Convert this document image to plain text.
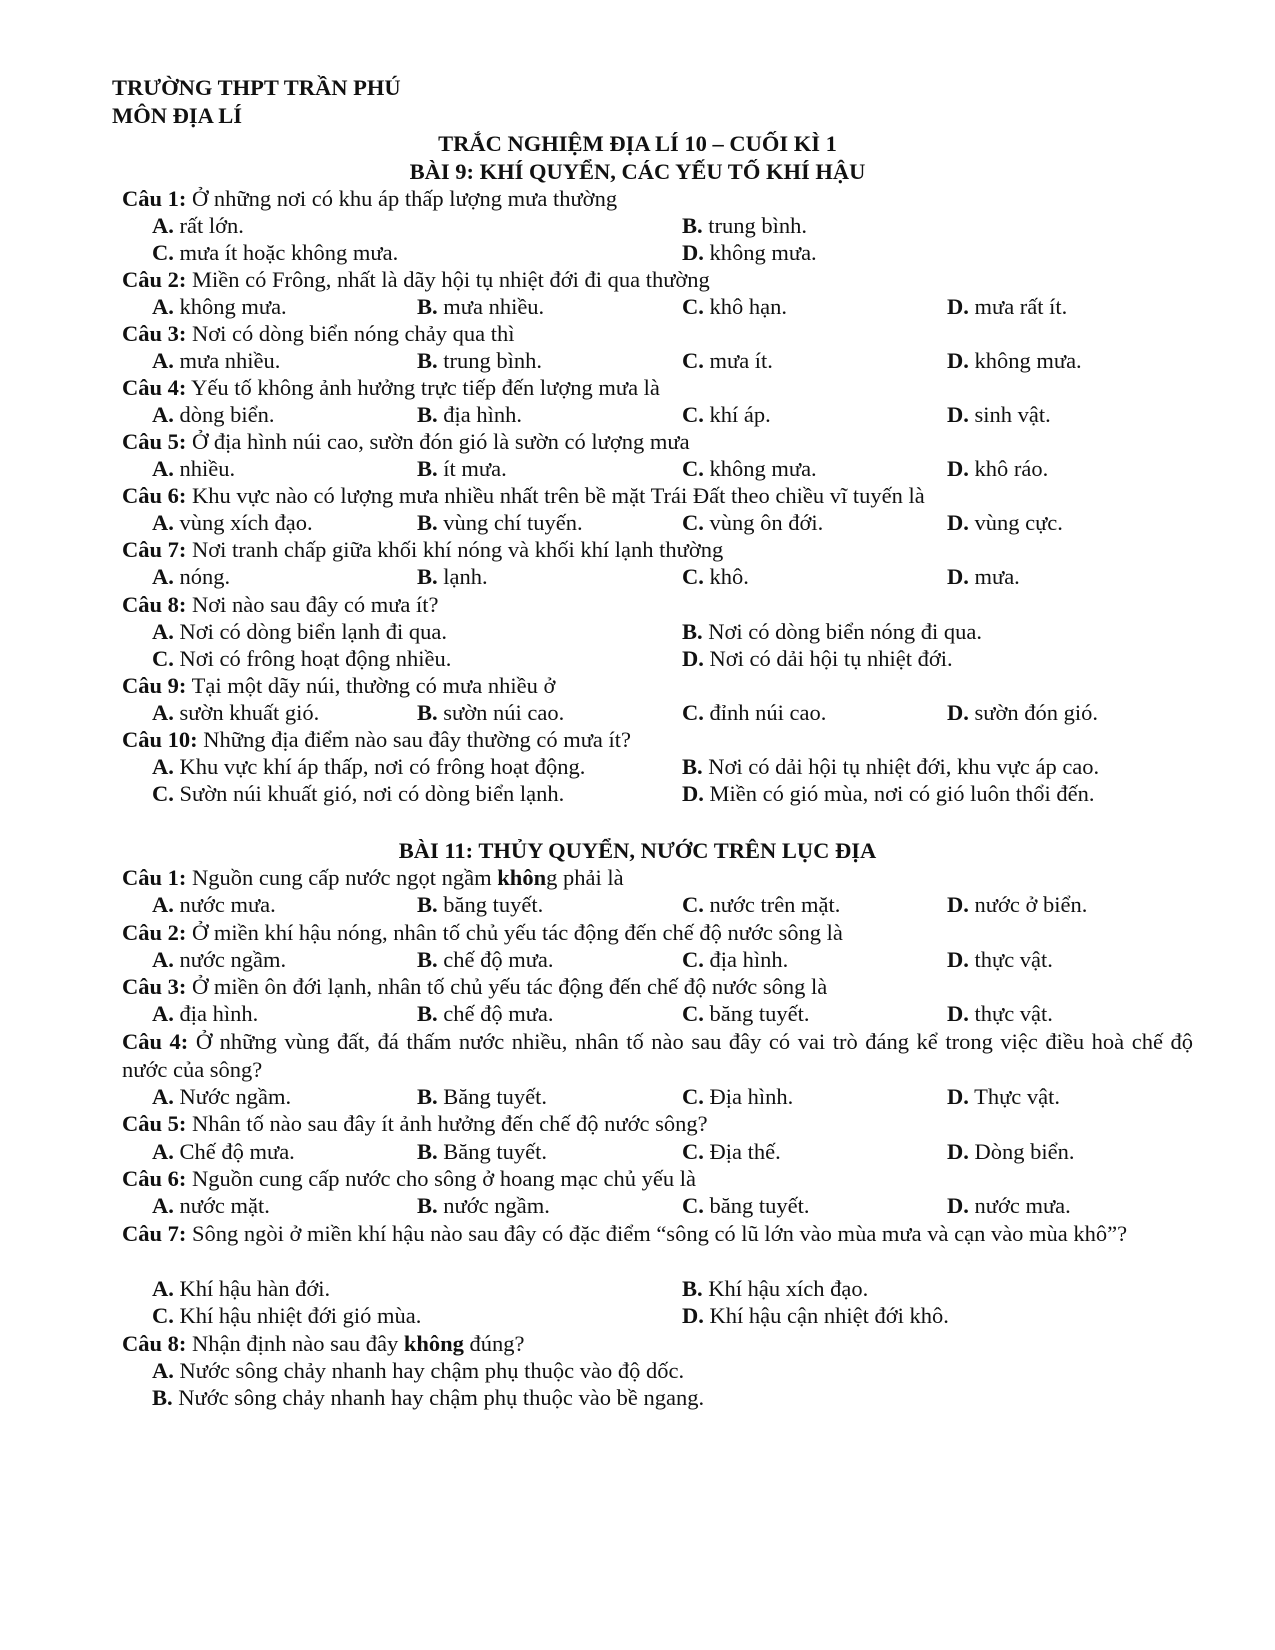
TRƯỜNG THPT TRẦN PHÚ
MÔN ĐỊA LÍ
TRẮC NGHIỆM ĐỊA LÍ 10 – CUỐI KÌ 1
BÀI 9: KHÍ QUYỂN, CÁC YẾU TỐ KHÍ HẬU
Câu 1: Ở những nơi có khu áp thấp lượng mưa thường
A. rất lớn.	B. trung bình.
C. mưa ít hoặc không mưa.	D. không mưa.
Câu 2: Miền có Frông, nhất là dãy hội tụ nhiệt đới đi qua thường
A. không mưa.	B. mưa nhiều.	C. khô hạn.	D. mưa rất ít.
Câu 3: Nơi có dòng biển nóng chảy qua thì
A. mưa nhiều.	B. trung bình.	C. mưa ít.	D. không mưa.
Câu 4: Yếu tố không ảnh hưởng trực tiếp đến lượng mưa là
A. dòng biển.	B. địa hình.	C. khí áp.	D. sinh vật.
Câu 5: Ở địa hình núi cao, sườn đón gió là sườn có lượng mưa
A. nhiều.	B. ít mưa.	C. không mưa.	D. khô ráo.
Câu 6: Khu vực nào có lượng mưa nhiều nhất trên bề mặt Trái Đất theo chiều vĩ tuyến là
A. vùng xích đạo.	B. vùng chí tuyến.	C. vùng ôn đới.	D. vùng cực.
Câu 7: Nơi tranh chấp giữa khối khí nóng và khối khí lạnh thường
A. nóng.	B. lạnh.	C. khô.	D. mưa.
Câu 8: Nơi nào sau đây có mưa ít?
A. Nơi có dòng biển lạnh đi qua.	B. Nơi có dòng biển nóng đi qua.
C. Nơi có frông hoạt động nhiều.	D. Nơi có dải hội tụ nhiệt đới.
Câu 9: Tại một dãy núi, thường có mưa nhiều ở
A. sườn khuất gió.	B. sườn núi cao.	C. đỉnh núi cao.	D. sườn đón gió.
Câu 10: Những địa điểm nào sau đây thường có mưa ít?
A. Khu vực khí áp thấp, nơi có frông hoạt động.	B. Nơi có dải hội tụ nhiệt đới, khu vực áp cao.
C. Sườn núi khuất gió, nơi có dòng biển lạnh.	D. Miền có gió mùa, nơi có gió luôn thổi đến.
BÀI 11: THỦY QUYỂN, NƯỚC TRÊN LỤC ĐỊA
Câu 1: Nguồn cung cấp nước ngọt ngầm không phải là
A. nước mưa.	B. băng tuyết.	C. nước trên mặt.	D. nước ở biển.
Câu 2: Ở miền khí hậu nóng, nhân tố chủ yếu tác động đến chế độ nước sông là
A. nước ngầm.	B. chế độ mưa.	C. địa hình.	D. thực vật.
Câu 3: Ở miền ôn đới lạnh, nhân tố chủ yếu tác động đến chế độ nước sông là
A. địa hình.	B. chế độ mưa.	C. băng tuyết.	D. thực vật.
Câu 4: Ở những vùng đất, đá thấm nước nhiều, nhân tố nào sau đây có vai trò đáng kể trong việc điều hoà chế độ nước của sông?
A. Nước ngầm.	B. Băng tuyết.	C. Địa hình.	D. Thực vật.
Câu 5: Nhân tố nào sau đây ít ảnh hưởng đến chế độ nước sông?
A. Chế độ mưa.	B. Băng tuyết.	C. Địa thế.	D. Dòng biển.
Câu 6: Nguồn cung cấp nước cho sông ở hoang mạc chủ yếu là
A. nước mặt.	B. nước ngầm.	C. băng tuyết.	D. nước mưa.
Câu 7: Sông ngòi ở miền khí hậu nào sau đây có đặc điểm “sông có lũ lớn vào mùa mưa và cạn vào mùa khô”?
A. Khí hậu hàn đới.	B. Khí hậu xích đạo.
C. Khí hậu nhiệt đới gió mùa.	D. Khí hậu cận nhiệt đới khô.
Câu 8: Nhận định nào sau đây không đúng?
A. Nước sông chảy nhanh hay chậm phụ thuộc vào độ dốc.
B. Nước sông chảy nhanh hay chậm phụ thuộc vào bề ngang.
